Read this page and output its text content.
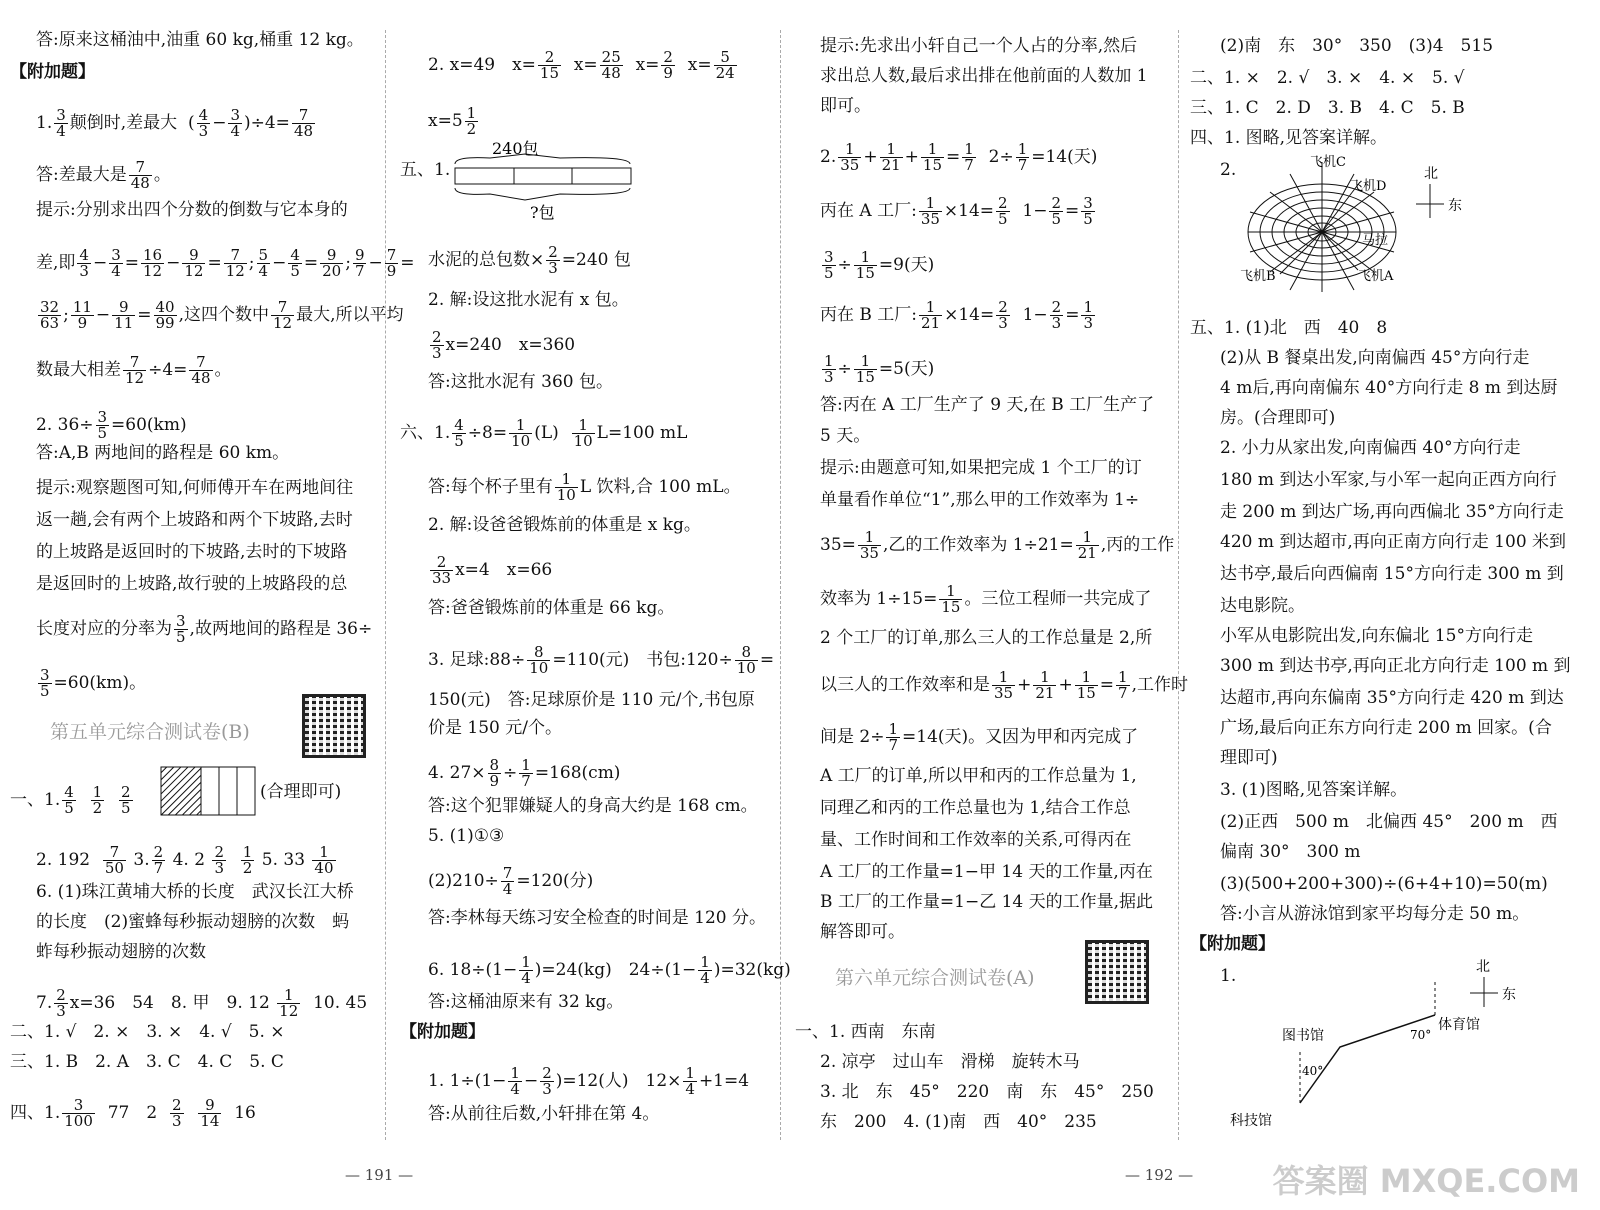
答:原来这桶油中,油重 60 kg,桶重 12 kg。
【附加题】
1. $\frac{3}{4}$ 颠倒时,差最大  ( $\frac{4}{3} - \frac{3}{4} )\div 4= \frac{7}{48}$
答:差最大是 $\frac{7}{48}$ 。
提示:分别求出四个分数的倒数与它本身的
差,即 $\frac{4}{3} - \frac{3}{4} = \frac{16}{12} - \frac{9}{12} = \frac{7}{12}$ ; $\frac{5}{4} - \frac{4}{5} = \frac{9}{20}$ ; $\frac{9}{7} - \frac{7}{9}$ =
$\frac{32}{63}$ ; $\frac{11}{9} - \frac{9}{11} = \frac{40}{99}$ ,这四个数中 $\frac{7}{12}$ 最大,所以平均
数最大相差 $\frac{7}{12} \div 4= \frac{7}{48}$ 。
2. $36\div \frac{3}{5} =60(km)$
答:A,B 两地间的路程是 60 km。
提示:观察题图可知,何师傅开车在两地间往
返一趟,会有两个上坡路和两个下坡路,去时
的上坡路是返回时的下坡路,去时的下坡路
是返回时的上坡路,故行驶的上坡路段的总
长度对应的分率为 $\frac{3}{5}$ ,故两地间的路程是 36÷
$\frac{3}{5} =60(km)$。
第五单元综合测试卷(B)
一、1. $\frac{4}{5}$
$\frac{1}{2}$
$\frac{2}{5}$	(合理即可)
2. $192 \frac{7}{50} 3$. $\frac{2}{7} 4$. $2 \frac{2}{3}$
$\frac{1}{2} 5$. $33 \frac{1}{40}$
6. (1)珠江黄埔大桥的长度　武汉长江大桥
的长度　(2)蜜蜂每秒振动翅膀的次数　蚂
蚱每秒振动翅膀的次数
7. $\frac{2}{3} x=36$　54　8. 甲　9. $12 \frac{1}{12} 10$. 45
二、1. √　2. ×　3. ×　4. √　5. ×
三、1. B　2. A　3. C　4. C　5. C
四、1. $\frac{3}{100} 77$　$2 \frac{2}{3}$
$\frac{9}{14} 16$
2. x=49　$x= \frac{2}{15} x= \frac{25}{48} x= \frac{2}{9} x= \frac{5}{24}$
$x=5 \frac{1}{2}$
五、1.
240包
?包
水泥的总包数× $\frac{2}{3} =240$ 包
2. 解:设这批水泥有 x 包。
$\frac{2}{3} x=240$　x=360
答:这批水泥有 360 包。
六、1. $\frac{4}{5} \div 8= \frac{1}{10} (L) \frac{1}{10} L=100$ mL
答:每个杯子里有 $\frac{1}{10}$ L 饮料,合 100 mL。
2. 解:设爸爸锻炼前的体重是 x kg。
$\frac{2}{33} x=4$　x=66
答:爸爸锻炼前的体重是 66 kg。
3. 足球:88÷ $\frac{8}{10} =110$(元)　书包:120÷ $\frac{8}{10}$ =
150(元)　答:足球原价是 110 元/个,书包原
价是 150 元/个。
4. $27\times \frac{8}{9} \div \frac{1}{7} =168(cm)$
答:这个犯罪嫌疑人的身高大约是 168 cm。
5. (1)①③
$(2)210\div \frac{7}{4} =120$(分)
答:李林每天练习安全检查的时间是 120 分。
6. $18\div(1- \frac{1}{4} )=24(kg)$　$24\div(1- \frac{1}{4} )=32(kg)$
答:这桶油原来有 32 kg。
【附加题】
1. $1\div(1- \frac{1}{4} - \frac{2}{3} )=12$(人)　$12\times \frac{1}{4} +1=4$
答:从前往后数,小轩排在第 4。
提示:先求出小轩自己一个人占的分率,然后
求出总人数,最后求出排在他前面的人数加 1
即可。
2. $\frac{1}{35} + \frac{1}{21} + \frac{1}{15} = \frac{1}{7} 2\div \frac{1}{7} =14$(天)
丙在 A 工厂: $\frac{1}{35} \times 14= \frac{2}{5} 1- \frac{2}{5} = \frac{3}{5}$
$\frac{3}{5} \div \frac{1}{15} =9$(天)
丙在 B 工厂: $\frac{1}{21} \times 14= \frac{2}{3} 1- \frac{2}{3} = \frac{1}{3}$
$\frac{1}{3} \div \frac{1}{15} =5$(天)
答:丙在 A 工厂生产了 9 天,在 B 工厂生产了
5 天。
提示:由题意可知,如果把完成 1 个工厂的订
单量看作单位“1”,那么甲的工作效率为 1÷
$35= \frac{1}{35}$ ,乙的工作效率为 $1\div 21= \frac{1}{21}$ ,丙的工作
效率为 $1\div 15= \frac{1}{15}$ 。三位工程师一共完成了
2 个工厂的订单,那么三人的工作总量是 2,所
以三人的工作效率和是 $\frac{1}{35} + \frac{1}{21} + \frac{1}{15} = \frac{1}{7}$ ,工作时
间是 $2\div \frac{1}{7} =14$(天)。又因为甲和丙完成了
A 工厂的订单,所以甲和丙的工作总量为 1,
同理乙和丙的工作总量也为 1,结合工作总
量、工作时间和工作效率的关系,可得丙在
A 工厂的工作量=1−甲 14 天的工作量,丙在
B 工厂的工作量=1−乙 14 天的工作量,据此
解答即可。
第六单元综合测试卷(A)
一、1. 西南　东南
2. 凉亭　过山车　滑梯　旋转木马
3. 北　东　45°　220　南　东　45°　250
东　200　4. (1)南　西　40°　235
(2)南　东　30°　350　(3)4　515
二、1. ×　2. √　3. ×　4. ×　5. √
三、1. C　2. D　3. B　4. C　5. B
四、1. 图略,见答案详解。
2.	飞机C
飞机D
飞机B	飞机A
马拉
北
东
五、1. (1)北　西　40　8
(2)从 B 餐桌出发,向南偏西 45°方向行走
4 m后,再向南偏东 40°方向行走 8 m 到达厨
房。(合理即可)
2. 小力从家出发,向南偏西 40°方向行走
180 m 到达小军家,与小军一起向正西方向行
走 200 m 到达广场,再向西偏北 35°方向行走
420 m 到达超市,再向正南方向行走 100 米到
达书亭,最后向西偏南 15°方向行走 300 m 到
达电影院。
小军从电影院出发,向东偏北 15°方向行走
300 m 到达书亭,再向正北方向行走 100 m 到
达超市,再向东偏南 35°方向行走 420 m 到达
广场,最后向正东方向行走 200 m 回家。(合
理即可)
3. (1)图略,见答案详解。
(2)正西　500 m　北偏西 45°　200 m　西
偏南 30°　300 m
(3)(500+200+300)÷(6+4+10)=50(m)
答:小言从游泳馆到家平均每分走 50 m。
【附加题】
1.	北
东
图书馆
体育馆
科技馆
70°
40°
— 191 —	— 192 — 答案圈 MXQE.COM
